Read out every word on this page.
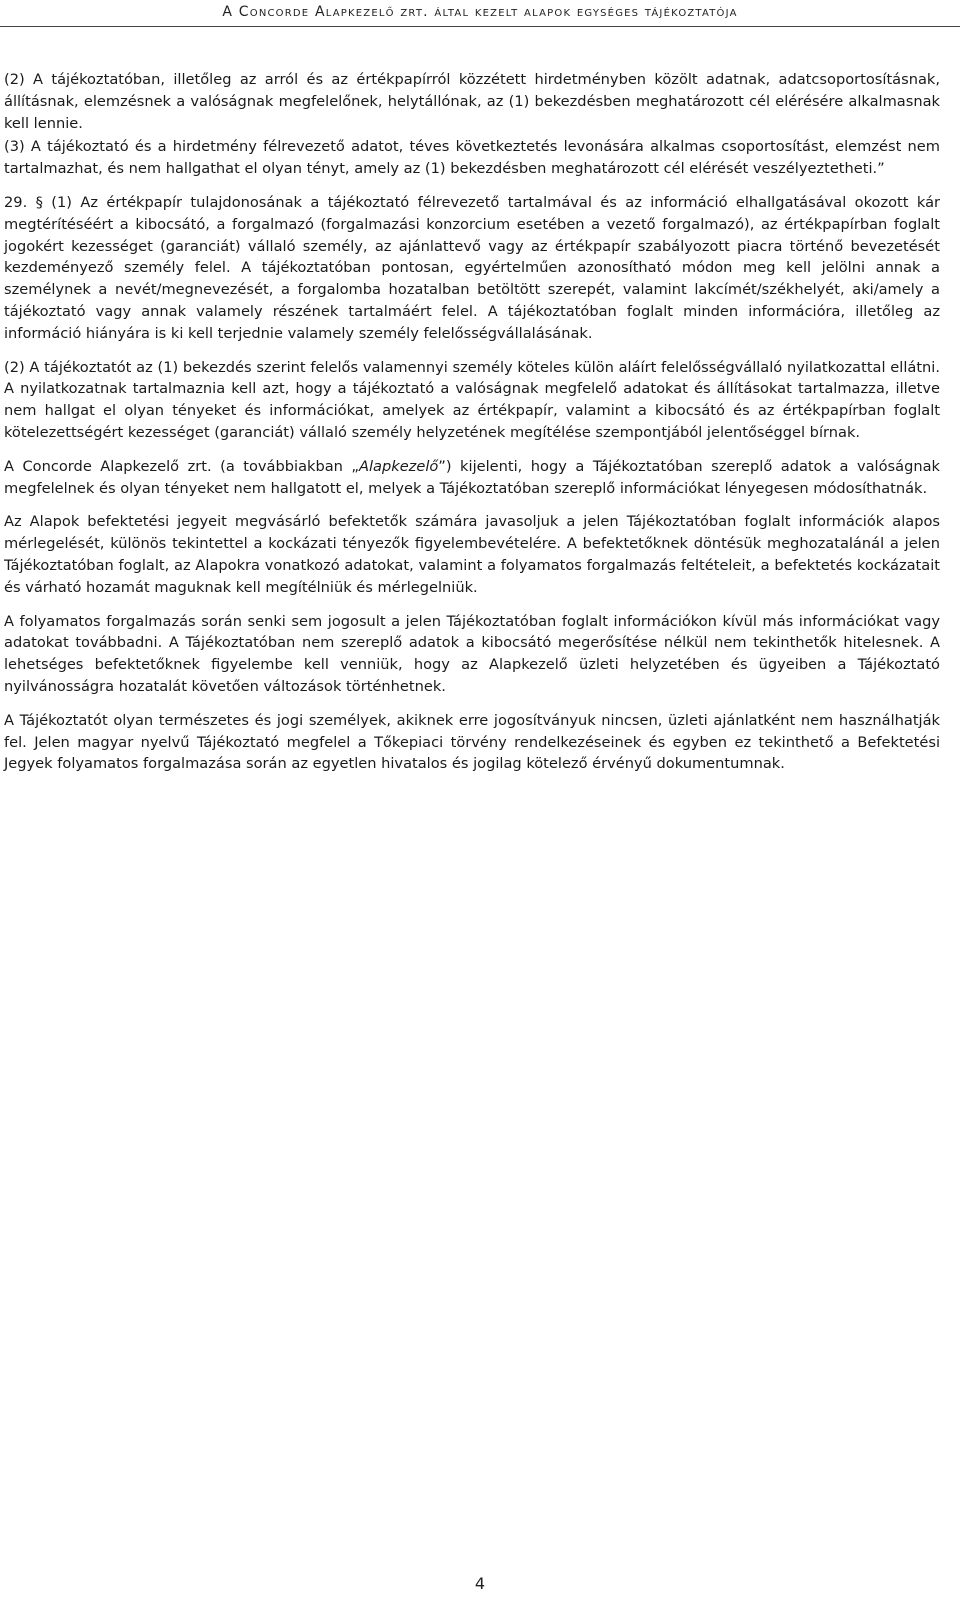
A Concorde Alapkezelő zrt. által kezelt alapok egységes tájékoztatója

(2) A tájékoztatóban, illetőleg az arról és az értékpapírról közzétett hirdetményben közölt adatnak, adatcsoportosításnak, állításnak, elemzésnek a valóságnak megfelelőnek, helytállónak, az (1) bekezdésben meghatározott cél elérésére alkalmasnak kell lennie.

(3) A tájékoztató és a hirdetmény félrevezető adatot, téves következtetés levonására alkalmas csoportosítást, elemzést nem tartalmazhat, és nem hallgathat el olyan tényt, amely az (1) bekezdésben meghatározott cél elérését veszélyeztetheti.”

29. § (1) Az értékpapír tulajdonosának a tájékoztató félrevezető tartalmával és az információ elhallgatásával okozott kár megtérítéséért a kibocsátó, a forgalmazó (forgalmazási konzorcium esetében a vezető forgalmazó), az értékpapírban foglalt jogokért kezességet (garanciát) vállaló személy, az ajánlattevő vagy az értékpapír szabályozott piacra történő bevezetését kezdeményező személy felel. A tájékoztatóban pontosan, egyértelműen azonosítható módon meg kell jelölni annak a személynek a nevét/megnevezését, a forgalomba hozatalban betöltött szerepét, valamint lakcímét/székhelyét, aki/amely a tájékoztató vagy annak valamely részének tartalmáért felel. A tájékoztatóban foglalt minden információra, illetőleg az információ hiányára is ki kell terjednie valamely személy felelősségvállalásának.

(2) A tájékoztatót az (1) bekezdés szerint felelős valamennyi személy köteles külön aláírt felelősségvállaló nyilatkozattal ellátni. A nyilatkozatnak tartalmaznia kell azt, hogy a tájékoztató a valóságnak megfelelő adatokat és állításokat tartalmazza, illetve nem hallgat el olyan tényeket és információkat, amelyek az értékpapír, valamint a kibocsátó és az értékpapírban foglalt kötelezettségért kezességet (garanciát) vállaló személy helyzetének megítélése szempontjából jelentőséggel bírnak.

A Concorde Alapkezelő zrt. (a továbbiakban „Alapkezelő”) kijelenti, hogy a Tájékoztatóban szereplő adatok a valóságnak megfelelnek és olyan tényeket nem hallgatott el, melyek a Tájékoztatóban szereplő információkat lényegesen módosíthatnák.

Az Alapok befektetési jegyeit megvásárló befektetők számára javasoljuk a jelen Tájékoztatóban foglalt információk alapos mérlegelését, különös tekintettel a kockázati tényezők figyelembevételére. A befektetőknek döntésük meghozatalánál a jelen Tájékoztatóban foglalt, az Alapokra vonatkozó adatokat, valamint a folyamatos forgalmazás feltételeit, a befektetés kockázatait és várható hozamát maguknak kell megítélniük és mérlegelniük.

A folyamatos forgalmazás során senki sem jogosult a jelen Tájékoztatóban foglalt információkon kívül más információkat vagy adatokat továbbadni. A Tájékoztatóban nem szereplő adatok a kibocsátó megerősítése nélkül nem tekinthetők hitelesnek. A lehetséges befektetőknek figyelembe kell venniük, hogy az Alapkezelő üzleti helyzetében és ügyeiben a Tájékoztató nyilvánosságra hozatalát követően változások történhetnek.

A Tájékoztatót olyan természetes és jogi személyek, akiknek erre jogosítványuk nincsen, üzleti ajánlatként nem használhatják fel. Jelen magyar nyelvű Tájékoztató megfelel a Tőkepiaci törvény rendelkezéseinek és egyben ez tekinthető a Befektetési Jegyek folyamatos forgalmazása során az egyetlen hivatalos és jogilag kötelező érvényű dokumentumnak.

4
